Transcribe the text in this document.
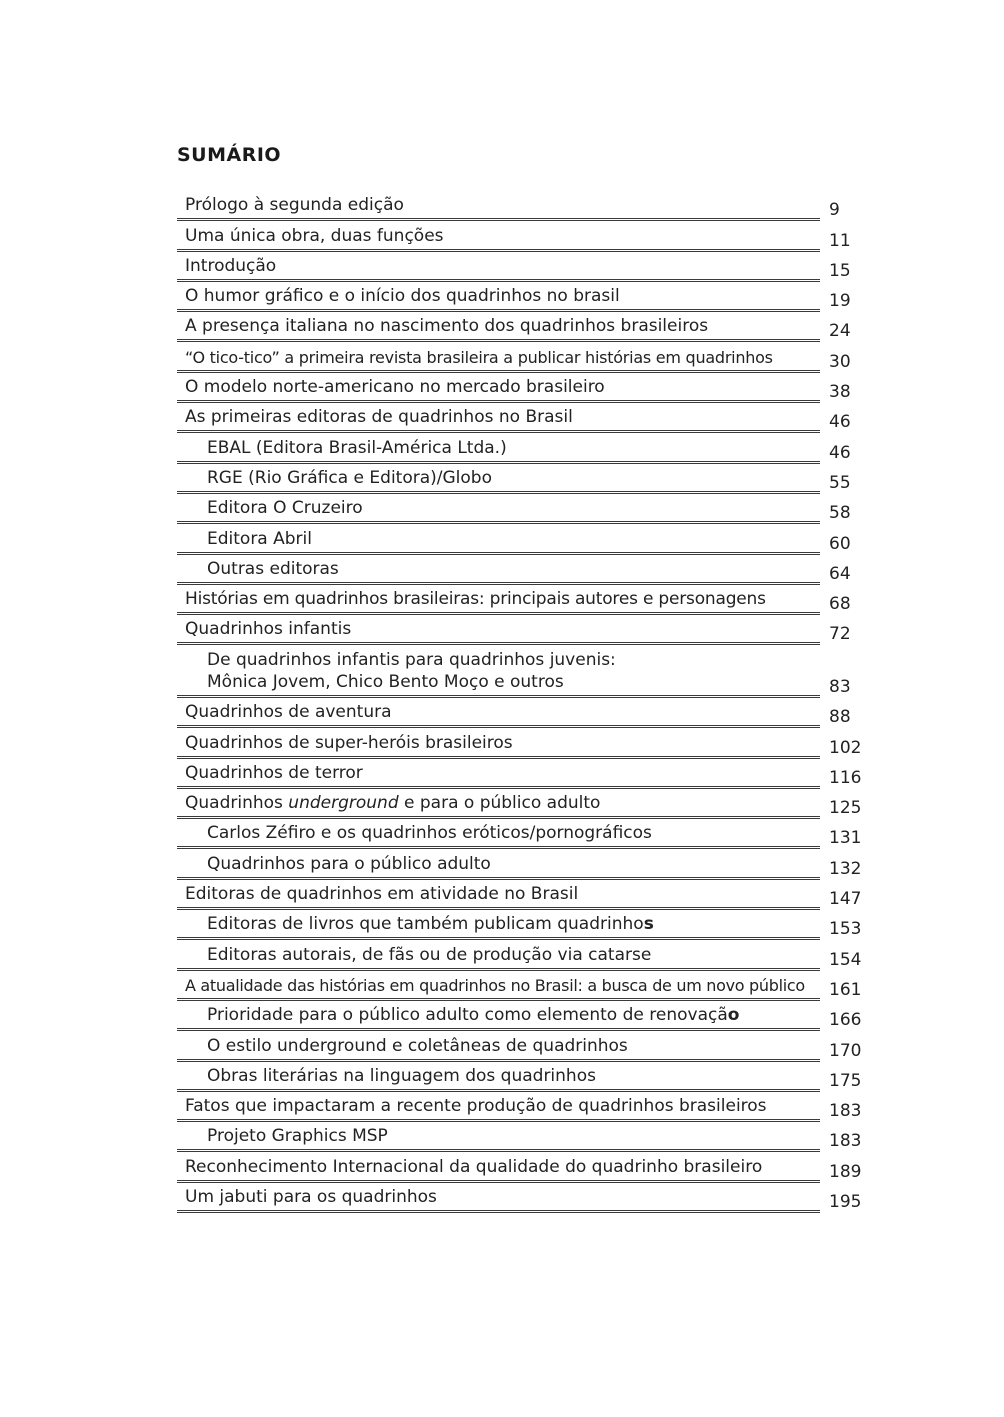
SUMÁRIO
Prólogo à segunda edição	9
Uma única obra, duas funções	11
Introdução	15
O humor gráfico e o início dos quadrinhos no brasil	19
A presença italiana no nascimento dos quadrinhos brasileiros	24
“O tico-tico” a primeira revista brasileira a publicar histórias em quadrinhos	30
O modelo norte-americano no mercado brasileiro	38
As primeiras editoras de quadrinhos no Brasil	46
EBAL (Editora Brasil-América Ltda.)	46
RGE (Rio Gráfica e Editora)/Globo	55
Editora O Cruzeiro	58
Editora Abril	60
Outras editoras	64
Histórias em quadrinhos brasileiras: principais autores e personagens	68
Quadrinhos infantis	72
De quadrinhos infantis para quadrinhos juvenis:
Mônica Jovem, Chico Bento Moço e outros	83
Quadrinhos de aventura	88
Quadrinhos de super-heróis brasileiros	102
Quadrinhos de terror	116
Quadrinhos underground e para o público adulto	125
Carlos Zéfiro e os quadrinhos eróticos/pornográficos	131
Quadrinhos para o público adulto	132
Editoras de quadrinhos em atividade no Brasil	147
Editoras de livros que também publicam quadrinhos	153
Editoras autorais, de fãs ou de produção via catarse	154
A atualidade das histórias em quadrinhos no Brasil: a busca de um novo público	161
Prioridade para o público adulto como elemento de renovação	166
O estilo underground e coletâneas de quadrinhos	170
Obras literárias na linguagem dos quadrinhos	175
Fatos que impactaram a recente produção de quadrinhos brasileiros	183
Projeto Graphics MSP	183
Reconhecimento Internacional da qualidade do quadrinho brasileiro	189
Um jabuti para os quadrinhos	195
